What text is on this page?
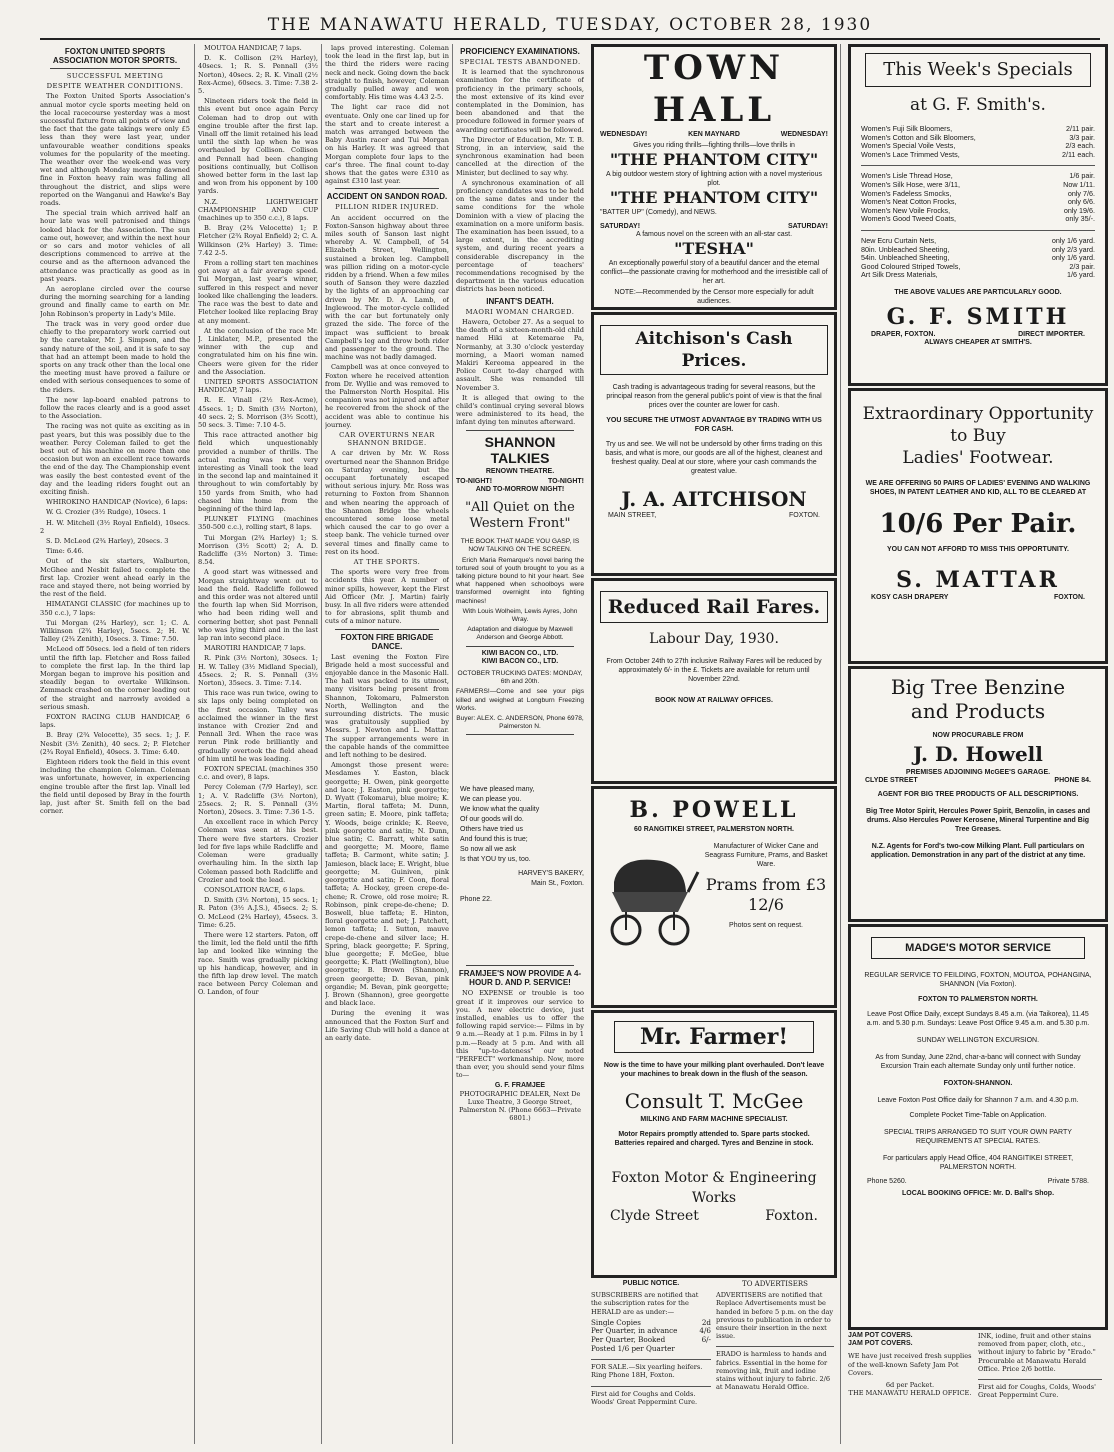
THE MANAWATU HERALD, TUESDAY, OCTOBER 28, 1930
FOXTON UNITED SPORTS ASSOCIATION MOTOR SPORTS.
SUCCESSFUL MEETING
DESPITE WEATHER CONDITIONS.

The Foxton United Sports Association's annual motor cycle sports meeting held on the local racecourse yesterday was a most successful fixture from all points of view and the fact that the gate takings were only £5 less than they were last year, under unfavourable weather conditions speaks volumes for the popularity of the meeting. The weather over the week-end was very wet and although Monday morning dawned fine in Foxton heavy rain was falling all throughout the district, and slips were reported on the Wanganui and Hawke's Bay roads.

The special train which arrived half an hour late was well patronised and things looked black for the Association. The sun came out, however, and within the next hour or so cars and motor vehicles of all descriptions commenced to arrive at the course and as the afternoon advanced the attendance was practically as good as in past years.

An aeroplane circled over the course during the morning searching for a landing ground and finally came to earth on Mr. John Robinson's property in Lady's Mile.

The track was in very good order due chiefly to the preparatory work carried out by the caretaker, Mr. J. Simpson, and the sandy nature of the soil, and it is safe to say that had an attempt been made to hold the sports on any track other than the local one the meeting must have proved a failure or ended with serious consequences to some of the riders.

The new lap-board enabled patrons to follow the races clearly and is a good asset to the Association.

The racing was not quite as exciting as in past years, but this was possibly due to the weather. Percy Coleman failed to get the best out of his machine on more than one occasion but won an excellent race towards the end of the day. The Championship event was easily the best contested event of the day and the leading riders fought out an exciting finish.

WHIROKINO HANDICAP (Novice), 6 laps:

W. G. Crozier (3½ Rudge), 10secs. 1

H. W. Mitchell (3½ Royal Enfield), 10secs. 2

S. D. McLeod (2¾ Harley), 20secs. 3

Time: 6.46.

Out of the six starters, Walburton, McGhee and Nesbit failed to complete the first lap. Crozier went ahead early in the race and stayed there, not being worried by the rest of the field.

HIMATANGI CLASSIC (for machines up to 350 c.c.), 7 laps:

Tui Morgan (2¾ Harley), scr. 1; C. A. Wilkinson (2¾ Harley), 5secs. 2; H. W. Talley (2¾ Zenith), 10secs. 3. Time: 7.50.

McLeod off 50secs. led a field of ten riders until the fifth lap. Fletcher and Ross failed to complete the first lap. In the third lap Morgan began to improve his position and steadily began to overtake Wilkinson. Zemmack crashed on the corner leading out of the straight and narrowly avoided a serious smash.

FOXTON RACING CLUB HANDICAP, 6 laps.

B. Bray (2¾ Velocette), 35 secs. 1; J. F. Nesbit (3½ Zenith), 40 secs. 2; P. Fletcher (2¾ Royal Enfield), 40secs. 3. Time: 6.40.

Eighteen riders took the field in this event including the champion Coleman. Coleman was unfortunate, however, in experiencing engine trouble after the first lap. Vinall led the field until deposed by Bray in the fourth lap, just after St. Smith fell on the bad corner.

MOUTOA HANDICAP, 7 laps.

D. K. Collison (2¾ Harley), 40secs. 1; R. S. Pennall (3½ Norton), 40secs. 2; R. K. Vinall (2½ Rex-Acme), 60secs. 3. Time: 7.38 2-5.

Nineteen riders took the field in this event but once again Percy Coleman had to drop out with engine trouble after the first lap. Vinall off the limit retained his lead until the sixth lap when he was overhauled by Collison. Collison and Pennall had been changing positions continually, but Collison showed better form in the last lap and won from his opponent by 100 yards.

N.Z. LIGHTWEIGHT CHAMPIONSHIP AND CUP (machines up to 350 c.c.), 8 laps.

B. Bray (2¾ Velocette) 1; P. Fletcher (2¾ Royal Enfield) 2; C. A. Wilkinson (2¾ Harley) 3. Time: 7.42 2-5.

From a rolling start ten machines got away at a fair average speed. Tui Morgan, last year's winner, suffered in this respect and never looked like challenging the leaders. The race was the best to date and Fletcher looked like replacing Bray at any moment.

At the conclusion of the race Mr. J. Linklater, M.P., presented the winner with the cup and congratulated him on his fine win. Cheers were given for the rider and the Association.

UNITED SPORTS ASSOCIATION HANDICAP, 7 laps.

R. E. Vinall (2½ Rex-Acme), 45secs. 1; D. Smith (3½ Norton), 40 secs. 2; S. Morrison (3½ Scott), 50 secs. 3. Time: 7.10 4-5.

This race attracted another big field which unquestionably provided a number of thrills. The actual racing was not very interesting as Vinall took the lead in the second lap and maintained it throughout to win comfortably by 150 yards from Smith, who had chased him home from the beginning of the third lap.

PLUNKET FLYING (machines 350-500 c.c.), rolling start, 8 laps.

Tui Morgan (2¾ Harley) 1; S. Morrison (3½ Scott) 2; A. D. Radcliffe (3½ Norton) 3. Time: 8.54.

A good start was witnessed and Morgan straightway went out to lead the field. Radcliffe followed and this order was not altered until the fourth lap when Sid Morrison, who had been riding well and cornering better, shot past Pennall who was lying third and in the last lap ran into second place.

MAROTIRI HANDICAP, 7 laps.

R. Pink (3½ Norton), 30secs. 1; H. W. Talley (3½ Midland Special), 45secs. 2; R. S. Pennall (3½ Norton), 35secs. 3. Time: 7.14.

This race was run twice, owing to six laps only being completed on the first occasion. Talley was acclaimed the winner in the first instance with Crozier 2nd and Pennall 3rd. When the race was rerun Pink rode brilliantly and gradually overtook the field ahead of him until he was leading.

FOXTON SPECIAL (machines 350 c.c. and over), 8 laps.

Percy Coleman (7/9 Harley), scr. 1; A. V. Radcliffe (3½ Norton), 25secs. 2; R. S. Pennall (3½ Norton), 20secs. 3. Time: 7.36 1-5.

An excellent race in which Percy Coleman was seen at his best. There were five starters. Crozier led for five laps while Radcliffe and Coleman were gradually overhauling him. In the sixth lap Coleman passed both Radcliffe and Crozier and took the lead.

CONSOLATION RACE, 6 laps.

D. Smith (3½ Norton), 15 secs. 1; R. Paton (3½ A.J.S.), 45secs. 2; S. O. McLeod (2¾ Harley), 45secs. 3. Time: 6.25.

There were 12 starters. Paton, off the limit, led the field until the fifth lap and looked like winning the race. Smith was gradually picking up his handicap, however, and in the fifth lap drew level. The match race between Percy Coleman and O. Landon, of four

laps proved interesting. Coleman took the lead in the first lap, but in the third the riders were racing neck and neck. Going down the back straight to finish, however, Coleman gradually pulled away and won comfortably. His time was 4.43 2-5.

The light car race did not eventuate. Only one car lined up for the start and to create interest a match was arranged between the Baby Austin racer and Tui Morgan on his Harley. It was agreed that Morgan complete four laps to the car's three. The final count to-day shows that the gates were £310 as against £310 last year.

ACCIDENT ON SANDON ROAD.
PILLION RIDER INJURED.

An accident occurred on the Foxton-Sanson highway about three miles south of Sanson last night whereby A. W. Campbell, of 54 Elizabeth Street, Wellington, sustained a broken leg. Campbell was pillion riding on a motor-cycle ridden by a friend. When a few miles south of Sanson they were dazzled by the lights of an approaching car driven by Mr. D. A. Lamb, of Inglewood. The motor-cycle collided with the car but fortunately only grazed the side. The force of the impact was sufficient to break Campbell's leg and throw both rider and passenger to the ground. The machine was not badly damaged.

Campbell was at once conveyed to Foxton where he received attention from Dr. Wyllie and was removed to the Palmerston North Hospital. His companion was not injured and after he recovered from the shock of the accident was able to continue his journey.

CAR OVERTURNS NEAR SHANNON BRIDGE.

A car driven by Mr. W. Ross overturned near the Shannon Bridge on Saturday evening, but the occupant fortunately escaped without serious injury. Mr. Ross was returning to Foxton from Shannon and when nearing the approach of the Shannon Bridge the wheels encountered some loose metal which caused the car to go over a steep bank. The vehicle turned over several times and finally came to rest on its hood.

AT THE SPORTS.

The sports were very free from accidents this year. A number of minor spills, however, kept the First Aid Officer (Mr. J. Martin) fairly busy. In all five riders were attended to for abrasions, split thumb and cuts of a minor nature.

FOXTON FIRE BRIGADE DANCE.

Last evening the Foxton Fire Brigade held a most successful and enjoyable dance in the Masonic Hall. The hall was packed to its utmost, many visitors being present from Shannon, Tokomaru, Palmerston North, Wellington and the surrounding districts. The music was gratuitously supplied by Messrs. J. Newton and L. Mattar. The supper arrangements were in the capable hands of the committee and left nothing to be desired.

Amongst those present were: Mesdames Y. Easton, black georgette; H. Owen, pink georgette and lace; J. Easton, pink georgette; D. Wyatt (Tokomaru), blue moire; K. Martin, floral taffeta; M. Dunn, green satin; E. Moore, pink taffeta; Y. Woods, beige crinkle; K. Reeve, pink georgette and satin; N. Dunn, blue satin; C. Barratt, white satin and georgette; M. Moore, flame taffeta; B. Carmont, white satin; J. Jamieson, black lace; E. Wright, blue georgette; M. Guiniven, pink georgette and satin; F. Coon, floral taffeta; A. Hockey, green crepe-de-chene; R. Crowe, old rose moire; R. Robinson, pink crepe-de-chene; D. Boswell, blue taffeta; E. Hinton, floral georgette and net; J. Patchett, lemon taffeta; I. Sutton, mauve crepe-de-chene and silver lace; H. Spring, black georgette; F. Spring, blue georgette; F. McGee, blue georgette; K. Platt (Wellington), blue georgette; B. Brown (Shannon), green georgette; D. Bevan, pink organdie; M. Bevan, pink georgette; J. Brown (Shannon), gree georgette and black lace.

During the evening it was announced that the Foxton Surf and Life Saving Club will hold a dance at an early date.

PROFICIENCY EXAMINATIONS.
SPECIAL TESTS ABANDONED.

It is learned that the synchronous examination for the certificate of proficiency in the primary schools, the most extensive of its kind ever contemplated in the Dominion, has been abandoned and that the procedure followed in former years of awarding certificates will be followed.

The Director of Education, Mr. T. B. Strong, in an interview, said the synchronous examination had been cancelled at the direction of the Minister, but declined to say why.

A synchronous examination of all proficiency candidates was to be held on the same dates and under the same conditions for the whole Dominion with a view of placing the examination on a more uniform basis. The examination has been issued, to a large extent, in the accrediting system, and during recent years a considerable discrepancy in the percentage of teachers' recommendations recognised by the department in the various education districts has been noticed.

INFANT'S DEATH.
MAORI WOMAN CHARGED.

Hawera, October 27. As a sequel to the death of a sixteen-month-old child named Hiki at Ketemarae Pa, Normanby, at 3.30 o'clock yesterday morning, a Maori woman named Makiri Kereoma appeared in the Police Court to-day charged with assault. She was remanded till November 3.

It is alleged that owing to the child's continual crying several blows were administered to its head, the infant dying ten minutes afterward.

SHANNON TALKIES
RENOWN THEATRE.
TO-NIGHT!	TO-NIGHT!
AND TO-MORROW NIGHT!
"All Quiet on the Western Front"

THE BOOK THAT MADE YOU GASP, IS NOW TALKING ON THE SCREEN.

Erich Maria Remarque's novel baring the tortured soul of youth brought to you as a talking picture bound to hit your heart. See what happened when schoolboys were transformed overnight into fighting machines!

With Louis Wolheim, Lewis Ayres, John Wray.

Adaptation and dialogue by Maxwell Anderson and George Abbott.

KIWI BACON CO., LTD.
KIWI BACON CO., LTD.

OCTOBER TRUCKING DATES: MONDAY, 6th and 20th.

FARMERS!—Come and see your pigs killed and weighed at Longburn Freezing Works.

Buyer: ALEX. C. ANDERSON, Phone 6978, Palmerston N.

We have pleased many,
We can please you.
We know what the quality
Of our goods will do.
Others have tried us
And found this is true;
So now all we ask
Is that YOU try us, too.
HARVEY'S BAKERY,
Main St., Foxton.
Phone 22.
FRAMJEE'S NOW PROVIDE A 4-HOUR D. AND P. SERVICE!

NO EXPENSE or trouble is too great if it improves our service to you. A new electric device, just installed, enables us to offer the following rapid service:— Films in by 9 a.m.—Ready at 1 p.m. Films in by 1 p.m.—Ready at 5 p.m. And with all this "up-to-dateness" our noted "PERFECT" workmanship. Now, more than ever, you should send your films to—

G. F. FRAMJEE

PHOTOGRAPHIC DEALER, Next De Luxe Theatre, 3 George Street, Palmerston N. (Phone 6663—Private 6801.)

TOWN HALL
WEDNESDAY!	KEN MAYNARD	WEDNESDAY!
Gives you riding thrills—fighting thrills—love thrills in
"THE PHANTOM CITY"
A big outdoor western story of lightning action with a novel mysterious plot.
"THE PHANTOM CITY"
"BATTER UP" (Comedy), and NEWS.
SATURDAY!	SATURDAY!
A famous novel on the screen with an all-star cast.
"TESHA"
An exceptionally powerful story of a beautiful dancer and the eternal conflict—the passionate craving for motherhood and the irresistible call of her art.
NOTE:—Recommended by the Censor more especially for adult audiences.
Aitchison's Cash Prices.
Cash trading is advantageous trading for several reasons, but the principal reason from the general public's point of view is that the final prices over the counter are lower for cash.
YOU SECURE THE UTMOST ADVANTAGE BY TRADING WITH US FOR CASH.
Try us and see. We will not be undersold by other firms trading on this basis, and what is more, our goods are all of the highest, cleanest and freshest quality. Deal at our store, where your cash commands the greatest value.
J. A. AITCHISON
MAIN STREET,	FOXTON.
Reduced Rail Fares.
Labour Day, 1930.
From October 24th to 27th inclusive Railway Fares will be reduced by approximately 6/- in the £. Tickets are available for return until November 22nd.
BOOK NOW AT RAILWAY OFFICES.
B. POWELL
60 RANGITIKEI STREET, PALMERSTON NORTH.
Manufacturer of Wicker Cane and Seagrass Furniture, Prams, and Basket Ware.
Prams from £3 12/6
Photos sent on request.
Mr. Farmer!
Now is the time to have your milking plant overhauled. Don't leave your machines to break down in the flush of the season.
Consult T. McGee
MILKING AND FARM MACHINE SPECIALIST.
Motor Repairs promptly attended to. Spare parts stocked. Batteries repaired and charged. Tyres and Benzine in stock.
Foxton Motor & Engineering Works
Clyde Street	Foxton.
PUBLIC NOTICE.

SUBSCRIBERS are notified that the subscription rates for the HERALD are as under:—

Single Copies	2d
Per Quarter, in advance	4/6
Per Quarter, Booked	6/-
Posted 1/6 per Quarter

FOR SALE.—Six yearling heifers. Ring Phone 18H, Foxton.

First aid for Coughs and Colds. Woods' Great Peppermint Cure.

TO ADVERTISERS

ADVERTISERS are notified that Replace Advertisements must be handed in before 5 p.m. on the day previous to publication in order to ensure their insertion in the next issue.

ERADO is harmless to hands and fabrics. Essential in the home for removing ink, fruit and iodine stains without injury to fabric. 2/6 at Manawatu Herald Office.

This Week's Specials
at G. F. Smith's.
Women's Fuji Silk Bloomers,	2/11 pair.
Women's Cotton and Silk Bloomers,	3/3 pair.
Women's Special Voile Vests,	2/3 each.
Women's Lace Trimmed Vests,	2/11 each.
Women's Lisle Thread Hose,	1/6 pair.
Women's Silk Hose, were 3/11,	Now 1/11.
Women's Fadeless Smocks,	only 7/6.
Women's Neat Cotton Frocks,	only 6/6.
Women's New Voile Frocks,	only 19/6.
Women's Good Tweed Coats,	only 35/-.
New Ecru Curtain Nets,	only 1/6 yard.
80in. Unbleached Sheeting,	only 2/3 yard.
54in. Unbleached Sheeting,	only 1/6 yard.
Good Coloured Striped Towels,	2/3 pair.
Art Silk Dress Materials,	1/6 yard.
THE ABOVE VALUES ARE PARTICULARLY GOOD.
G. F. SMITH
DRAPER, FOXTON.	DIRECT IMPORTER.
ALWAYS CHEAPER AT SMITH'S.
Extraordinary Opportunity
to Buy
Ladies' Footwear.
WE ARE OFFERING 50 PAIRS OF LADIES' EVENING AND WALKING SHOES, IN PATENT LEATHER AND KID, ALL TO BE CLEARED AT
10/6 Per Pair.
YOU CAN NOT AFFORD TO MISS THIS OPPORTUNITY.
S. MATTAR
KOSY CASH DRAPERY	FOXTON.
Big Tree Benzine
and Products
NOW PROCURABLE FROM
J. D. Howell
PREMISES ADJOINING McGEE'S GARAGE.
CLYDE STREET	PHONE 84.
AGENT FOR BIG TREE PRODUCTS OF ALL DESCRIPTIONS.
Big Tree Motor Spirit, Hercules Power Spirit, Benzolin, in cases and drums. Also Hercules Power Kerosene, Mineral Turpentine and Big Tree Greases.
N.Z. Agents for Ford's two-cow Milking Plant. Full particulars on application. Demonstration in any part of the district at any time.
MADGE'S MOTOR SERVICE
REGULAR SERVICE TO FEILDING, FOXTON, MOUTOA, POHANGINA, SHANNON (Via Foxton).
FOXTON TO PALMERSTON NORTH.
Leave Post Office Daily, except Sundays 8.45 a.m. (via Taikorea), 11.45 a.m. and 5.30 p.m. Sundays: Leave Post Office 9.45 a.m. and 5.30 p.m.
SUNDAY WELLINGTON EXCURSION.
As from Sunday, June 22nd, char-a-banc will connect with Sunday Excursion Train each alternate Sunday only until further notice.
FOXTON-SHANNON.
Leave Foxton Post Office daily for Shannon 7 a.m. and 4.30 p.m.
Complete Pocket Time-Table on Application.
SPECIAL TRIPS ARRANGED TO SUIT YOUR OWN PARTY REQUIREMENTS AT SPECIAL RATES.
For particulars apply Head Office, 404 RANGITIKEI STREET, PALMERSTON NORTH.
Phone 5260.	Private 5788.
LOCAL BOOKING OFFICE: Mr. D. Ball's Shop.
JAM POT COVERS.
JAM POT COVERS.

WE have just received fresh supplies of the well-known Safety Jam Pot Covers.

6d per Packet.
THE MANAWATU HERALD OFFICE.

INK, iodine, fruit and other stains removed from paper, cloth, etc., without injury to fabric by "Erado." Procurable at Manawatu Herald Office. Price 2/6 bottle.

First aid for Coughs, Colds, Woods' Great Peppermint Cure.
